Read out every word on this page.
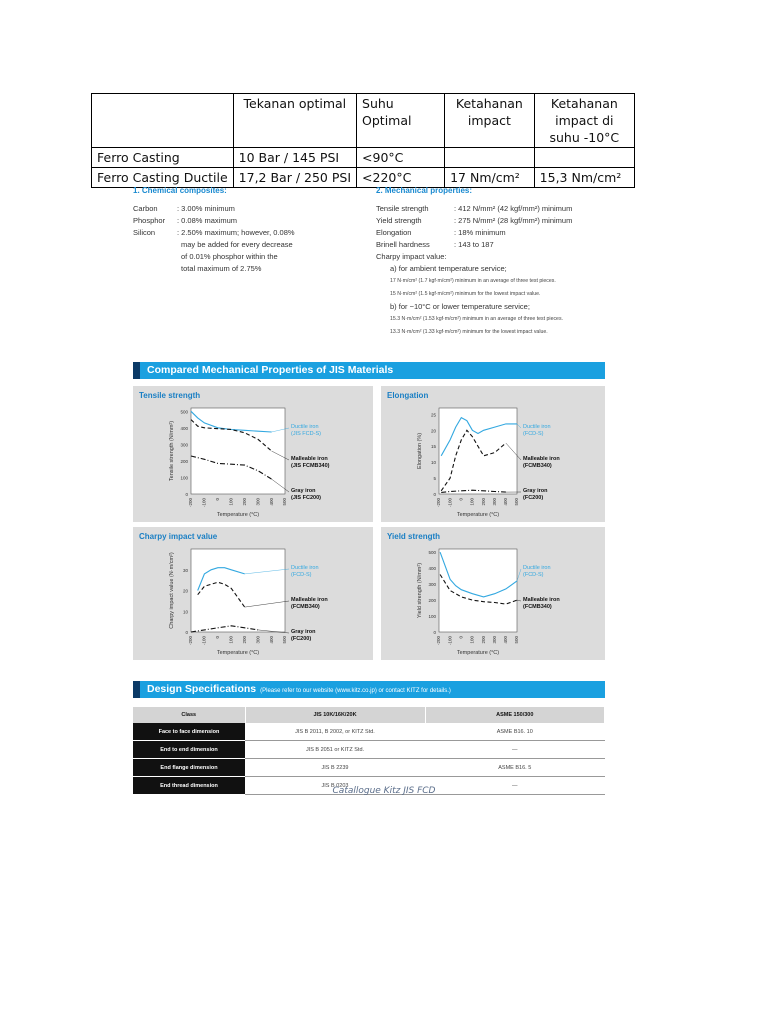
	Tekanan optimal	Suhu Optimal	Ketahanan impact	Ketahanan impact di suhu -10°C
Ferro Casting	10 Bar / 145 PSI	<90°C		
Ferro Casting Ductile	17,2 Bar / 250 PSI	<220°C	17 Nm/cm²	15,3 Nm/cm²
1. Chemical composites:
Carbon	: 3.00% minimum
Phosphor	: 0.08% maximum
Silicon	: 2.50% maximum; however, 0.08%
may be added for every decrease
of 0.01% phosphor within the
total maximum of 2.75%
2. Mechanical properties:
Tensile strength	: 412 N/mm² (42 kgf/mm²) minimum
Yield strength	: 275 N/mm² (28 kgf/mm²) minimum
Elongation	: 18% minimum
Brinell hardness	: 143 to 187
Charpy impact value:
a) for ambient temperature service;
17 N·m/cm² (1.7 kgf·m/cm²) minimum in an average of three test pieces.
15 N·m/cm² (1.5 kgf·m/cm²) minimum for the lowest impact value.
b) for −10°C or lower temperature service;
15.3 N·m/cm² (1.53 kgf·m/cm²) minimum in an average of three test pieces.
13.3 N·m/cm² (1.33 kgf·m/cm²) minimum for the lowest impact value.
Compared Mechanical Properties of JIS Materials
Tensile strength
0
100
200
300
400
500
-200 -100 0 100 200 300 400 500
Temperature (°C)
Tensile strength (N/mm²)	Ductile iron
(JIS FCD-S)
Malleable iron
(JIS FCMB340)
Gray iron
(JIS FC200)
Elongation
0
5
10
15
20
25
-200 -100 0 100 200 300 400 500
Temperature (°C)
Elongation (%)
Ductile iron
(FCD-S)
Malleable iron
(FCMB340)
Gray iron
(FC200)
Charpy impact value
0
10
20
30
-200 -100 0 100 200 300 400 500
Temperature (°C)
Charpy impact value (N·m/cm²)	Ductile iron
(FCD-S)
Malleable iron
(FCMB340)
Gray iron
(FC200)
Yield strength
0
100
200
300
400
500
-200 -100 0 100 200 300 400 500
Temperature (°C)
Yield strength (N/mm²)	Ductile iron
(FCD-S)
Malleable iron
(FCMB340)
Design Specifications (Please refer to our website (www.kitz.co.jp) or contact KITZ for details.)
Class	JIS 10K/16K/20K	ASME 150/300
Face to face dimension	JIS B 2011, B 2002, or KITZ Std.	ASME B16. 10
End to end dimension	JIS B 2051 or KITZ Std.	—
End flange dimension	JIS B 2239	ASME B16. 5
End thread dimension	JIS B 0203	—
Catallogue Kitz JIS FCD
